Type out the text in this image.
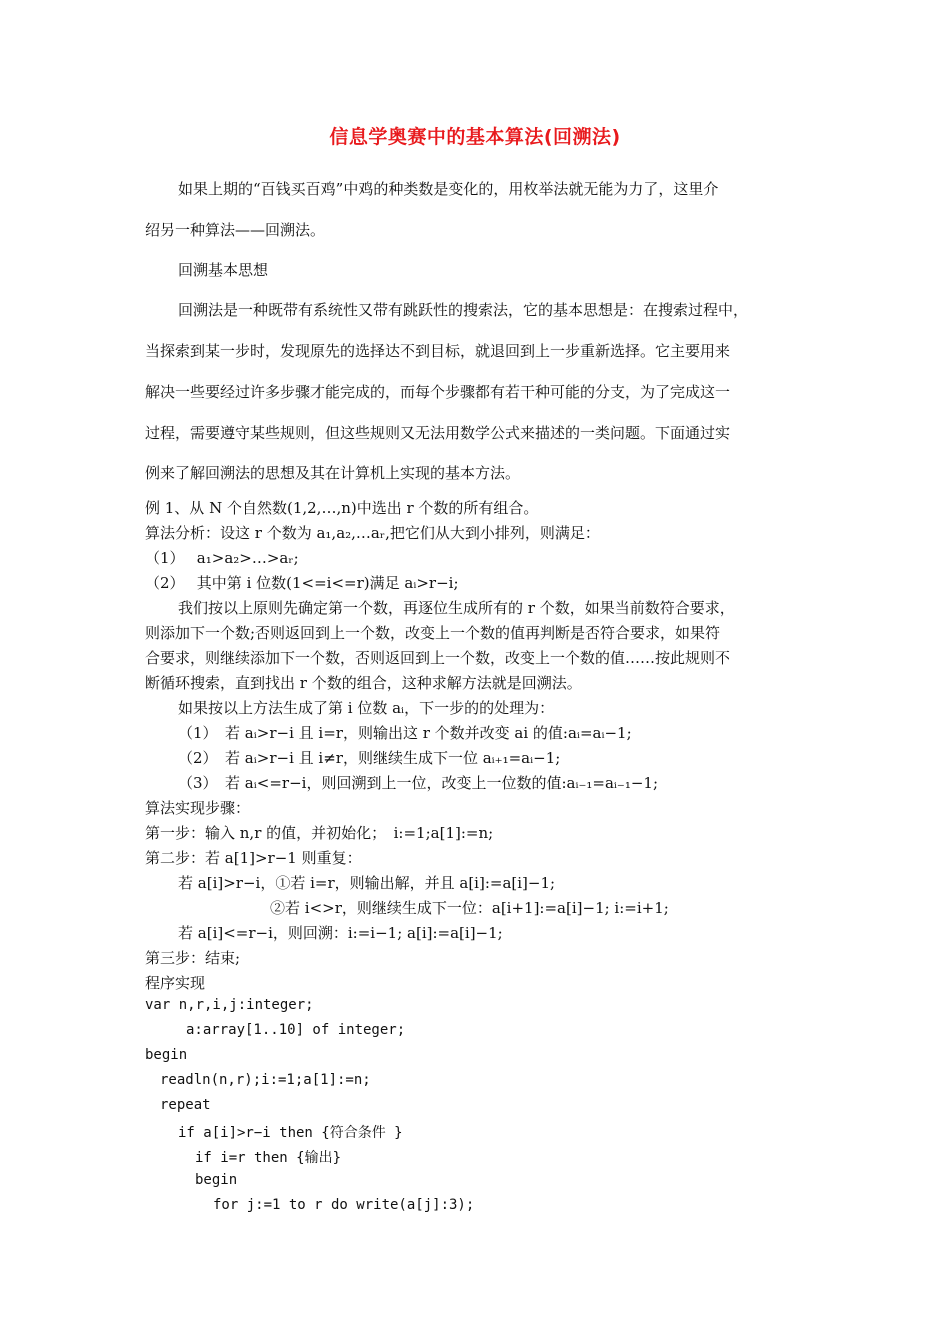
信息学奥赛中的基本算法(回溯法)
如果上期的“百钱买百鸡”中鸡的种类数是变化的，用枚举法就无能为力了，这里介
绍另一种算法——回溯法。
回溯基本思想
回溯法是一种既带有系统性又带有跳跃性的搜索法，它的基本思想是：在搜索过程中，
当探索到某一步时，发现原先的选择达不到目标，就退回到上一步重新选择。它主要用来
解决一些要经过许多步骤才能完成的，而每个步骤都有若干种可能的分支，为了完成这一
过程，需要遵守某些规则，但这些规则又无法用数学公式来描述的一类问题。下面通过实
例来了解回溯法的思想及其在计算机上实现的基本方法。
例 1、从 N 个自然数(1,2,…,n)中选出 r 个数的所有组合。
算法分析：设这 r 个数为 a₁,a₂,…aᵣ,把它们从大到小排列，则满足：
（1）　 a₁>a₂>…>aᵣ;
（2）　 其中第 i 位数(1<=i<=r)满足 aᵢ>r−i;
我们按以上原则先确定第一个数，再逐位生成所有的 r 个数，如果当前数符合要求，
则添加下一个数;否则返回到上一个数，改变上一个数的值再判断是否符合要求，如果符
合要求，则继续添加下一个数，否则返回到上一个数，改变上一个数的值……按此规则不
断循环搜索，直到找出 r 个数的组合，这种求解方法就是回溯法。
如果按以上方法生成了第 i 位数 aᵢ，下一步的的处理为：
（1）　若 aᵢ>r−i 且 i=r，则输出这 r 个数并改变 ai 的值:aᵢ=aᵢ−1;
（2）　若 aᵢ>r−i 且 i≠r，则继续生成下一位 aᵢ₊₁=aᵢ−1;
（3）　若 aᵢ<=r−i，则回溯到上一位，改变上一位数的值:aᵢ₋₁=aᵢ₋₁−1;
算法实现步骤：
第一步：输入 n,r 的值，并初始化；　i:=1;a[1]:=n;
第二步：若 a[1]>r−1 则重复：
若 a[i]>r−i，①若 i=r，则输出解，并且 a[i]:=a[i]−1;
②若 i<>r，则继续生成下一位：a[i+1]:=a[i]−1; i:=i+1;
若 a[i]<=r−i，则回溯：i:=i−1; a[i]:=a[i]−1;
第三步：结束;
程序实现
var n,r,i,j:integer;
a:array[1..10] of integer;
begin
readln(n,r);i:=1;a[1]:=n;
repeat
if a[i]>r−i then {符合条件 }
if i=r then {输出}
begin
for j:=1 to r do write(a[j]:3);
